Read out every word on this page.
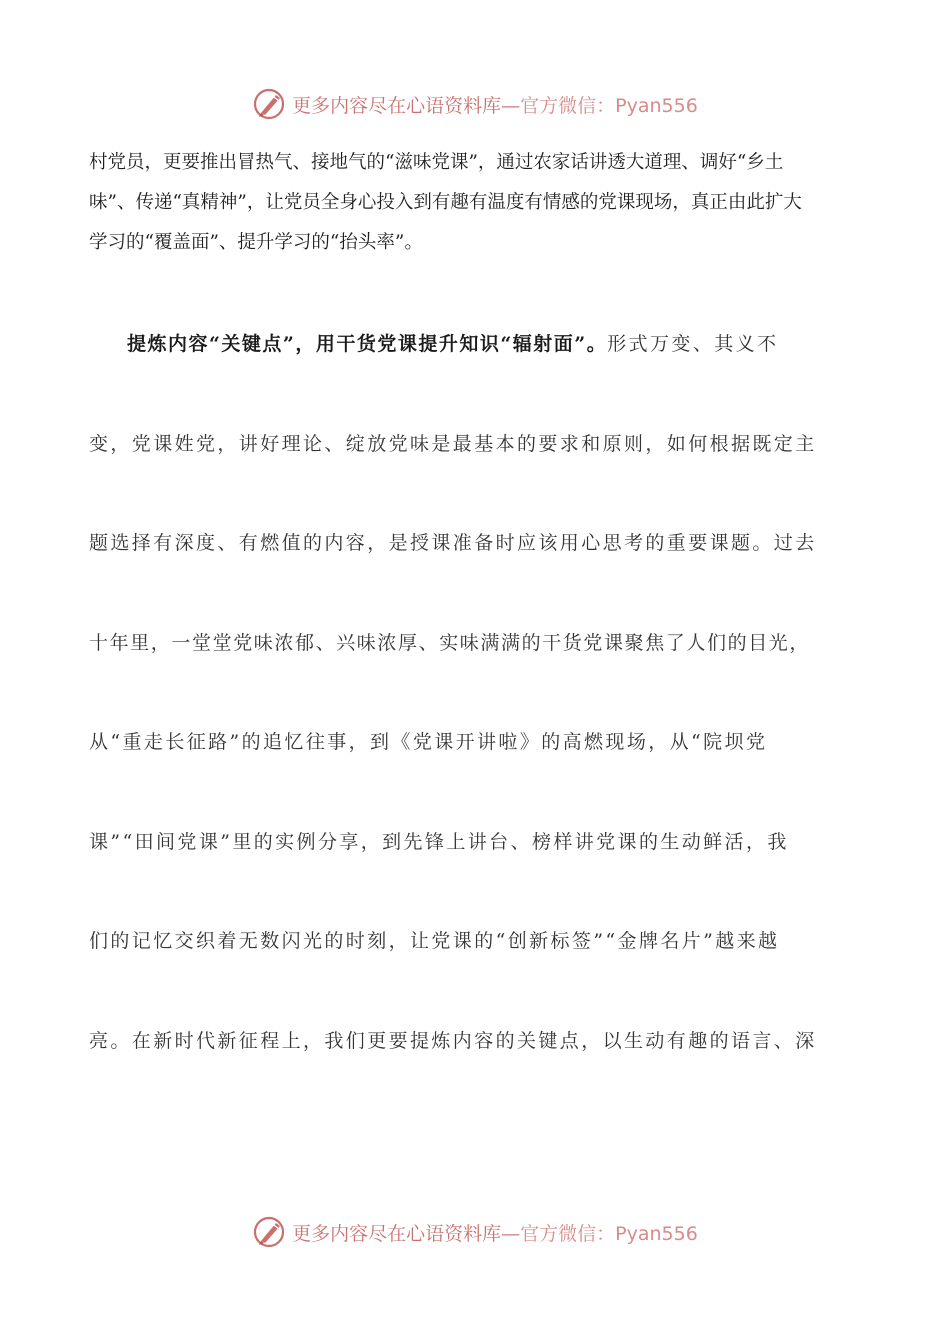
更多内容尽在心语资料库—官方微信：Pyan556
村党员，更要推出冒热气、接地气的“滋味党课”，通过农家话讲透大道理、调好“乡土
味”、传递“真精神”，让党员全身心投入到有趣有温度有情感的党课现场，真正由此扩大
学习的“覆盖面”、提升学习的“抬头率”。
提炼内容“关键点”，用干货党课提升知识“辐射面”。形式万变、其义不
变，党课姓党，讲好理论、绽放党味是最基本的要求和原则，如何根据既定主
题选择有深度、有燃值的内容，是授课准备时应该用心思考的重要课题。过去
十年里，一堂堂党味浓郁、兴味浓厚、实味满满的干货党课聚焦了人们的目光，
从“重走长征路”的追忆往事，到《党课开讲啦》的高燃现场，从“院坝党
课”“田间党课”里的实例分享，到先锋上讲台、榜样讲党课的生动鲜活，我
们的记忆交织着无数闪光的时刻，让党课的“创新标签”“金牌名片”越来越
亮。在新时代新征程上，我们更要提炼内容的关键点，以生动有趣的语言、深
更多内容尽在心语资料库—官方微信：Pyan556
